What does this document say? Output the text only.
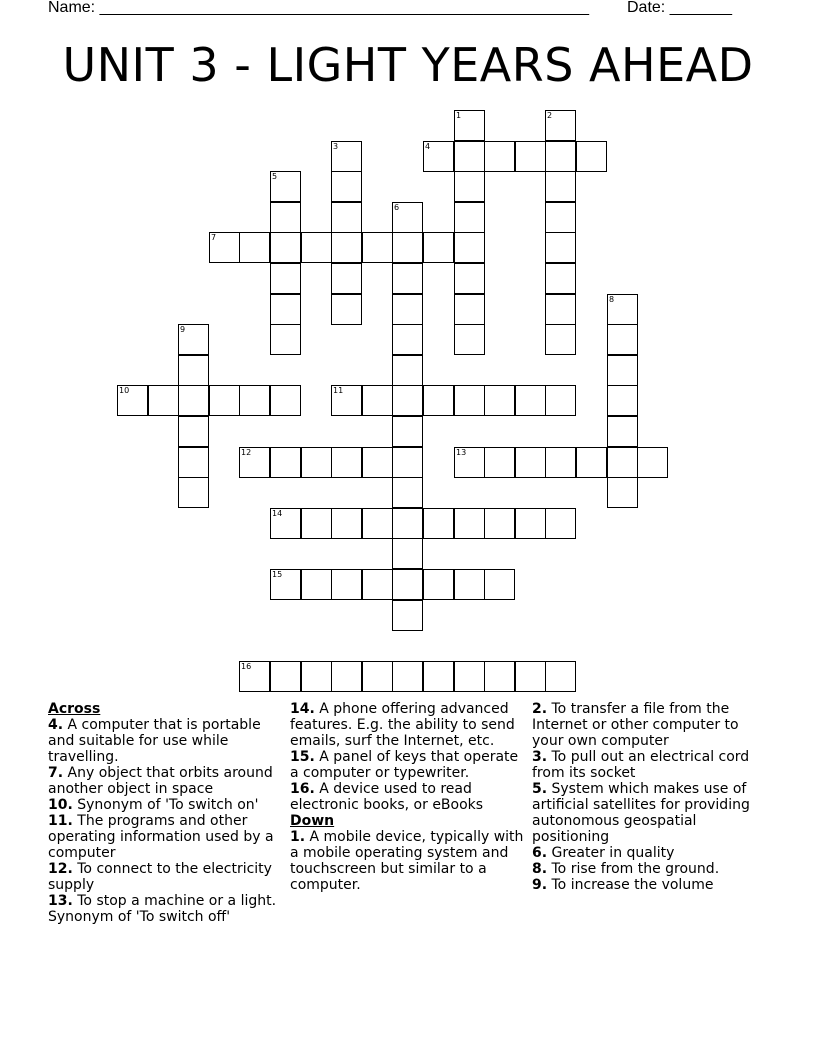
Name: _______________________________________________________ Date: _______
UNIT 3 - LIGHT YEARS AHEAD
1	2
3	4
5
6
7
8
9
10	11
12	13
14
15
16

Across

4. A computer that is portable and suitable for use while travelling.

7. Any object that orbits around another object in space

10. Synonym of 'To switch on'

11. The programs and other operating information used by a computer

12. To connect to the electricity supply

13. To stop a machine or a light. Synonym of 'To switch off'

14. A phone offering advanced features. E.g. the ability to send emails, surf the Internet, etc.

15. A panel of keys that operate a computer or typewriter.

16. A device used to read electronic books, or eBooks

Down

1. A mobile device, typically with a mobile operating system and touchscreen but similar to a computer.

2. To transfer a file from the Internet or other computer to your own computer

3. To pull out an electrical cord from its socket

5. System which makes use of artificial satellites for providing autonomous geospatial positioning

6. Greater in quality

8. To rise from the ground.

9. To increase the volume
